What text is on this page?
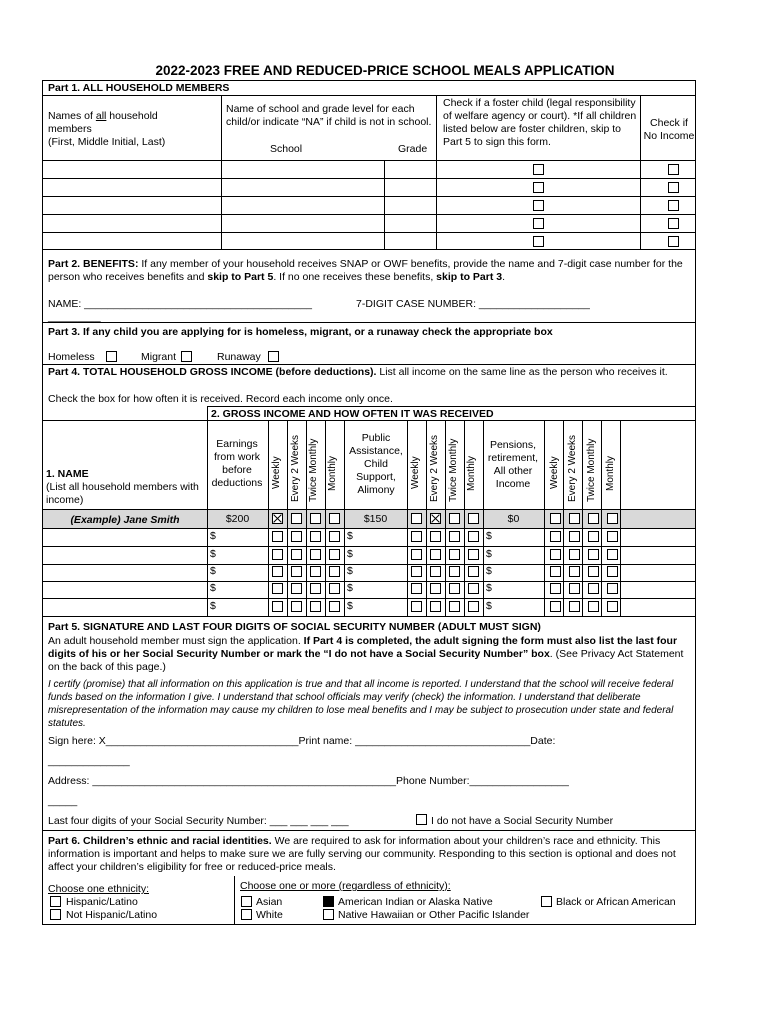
2022-2023 FREE AND REDUCED-PRICE SCHOOL MEALS APPLICATION
Part 1. ALL HOUSEHOLD MEMBERS
Names of all household
members
(First, Middle Initial, Last)
Name of school and grade level for each child/or indicate “NA” if child is not in school.
School	Grade
Check if a foster child (legal responsibility of welfare agency or court). *If all children listed below are foster children, skip to Part 5 to sign this form.
Check if No Income
Part 2. BENEFITS: If any member of your household receives SNAP or OWF benefits, provide the name and 7-digit case number for the person who receives benefits and skip to Part 5. If no one receives these benefits, skip to Part 3.
NAME: _______________________________________
_________
7-DIGIT CASE NUMBER: ___________________
Part 3. If any child you are applying for is homeless, migrant, or a runaway check the appropriate box
Homeless	Migrant	Runaway
Part 4. TOTAL HOUSEHOLD GROSS INCOME (before deductions). List all income on the same line as the person who receives it.
Check the box for how often it is received. Record each income only once.
2. GROSS INCOME AND HOW OFTEN IT WAS RECEIVED
1. NAME
(List all household members with income)
Earnings from work before deductions
Public Assistance, Child Support, Alimony
Pensions, retirement, All other Income
Weekly Every 2 Weeks Twice Monthly Monthly	Weekly Every 2 Weeks Twice Monthly Monthly	Weekly Every 2 Weeks Twice Monthly Monthly
(Example) Jane Smith	$200	$150	$0
$	$	$
$	$	$
$	$	$
$	$	$
$	$	$
Part 5. SIGNATURE AND LAST FOUR DIGITS OF SOCIAL SECURITY NUMBER (ADULT MUST SIGN)
An adult household member must sign the application. If Part 4 is completed, the adult signing the form must also list the last four digits of his or her Social Security Number or mark the “I do not have a Social Security Number” box. (See Privacy Act Statement on the back of this page.)
I certify (promise) that all information on this application is true and that all income is reported. I understand that the school will receive federal funds based on the information I give. I understand that school officials may verify (check) the information. I understand that deliberate misrepresentation of the information may cause my children to lose meal benefits and I may be subject to prosecution under state and federal statutes.
Sign here: X_________________________________Print name: ______________________________Date:
______________
Address: ____________________________________________________Phone Number:_________________
_____
Last four digits of your Social Security Number: ___ ___ ___ ___	I do not have a Social Security Number
Part 6. Children’s ethnic and racial identities. We are required to ask for information about your children’s race and ethnicity. This information is important and helps to make sure we are fully serving our community. Responding to this section is optional and does not affect your children’s eligibility for free or reduced-price meals.
Choose one ethnicity:
Hispanic/Latino
Not Hispanic/Latino
Choose one or more (regardless of ethnicity):
Asian
White
American Indian or Alaska Native
Native Hawaiian or Other Pacific Islander
Black or African American
